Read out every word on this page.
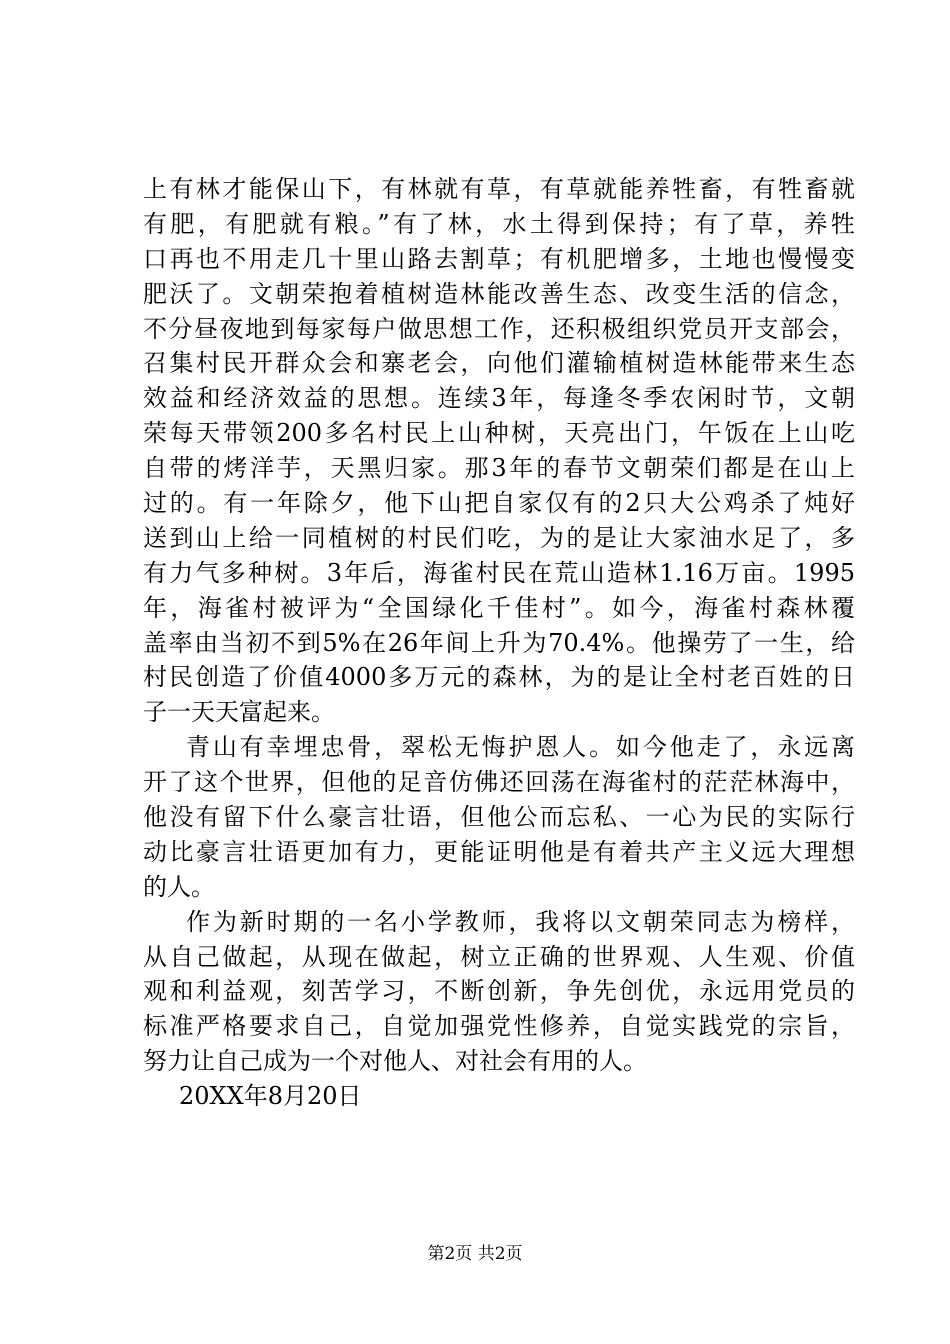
上有林才能保山下，有林就有草，有草就能养牲畜，有牲畜就
有肥，有肥就有粮。”有了林，水土得到保持；有了草，养牲
口再也不用走几十里山路去割草；有机肥增多，土地也慢慢变
肥沃了。文朝荣抱着植树造林能改善生态、改变生活的信念，
不分昼夜地到每家每户做思想工作，还积极组织党员开支部会，
召集村民开群众会和寨老会，向他们灌输植树造林能带来生态
效益和经济效益的思想。连续3年，每逢冬季农闲时节，文朝
荣每天带领200多名村民上山种树，天亮出门，午饭在上山吃
自带的烤洋芋，天黑归家。那3年的春节文朝荣们都是在山上
过的。有一年除夕，他下山把自家仅有的2只大公鸡杀了炖好
送到山上给一同植树的村民们吃，为的是让大家油水足了，多
有力气多种树。3年后，海雀村民在荒山造林1.16万亩。1995
年，海雀村被评为“全国绿化千佳村”。如今，海雀村森林覆
盖率由当初不到5%在26年间上升为70.4%。他操劳了一生，给
村民创造了价值4000多万元的森林，为的是让全村老百姓的日
子一天天富起来。
青山有幸埋忠骨，翠松无悔护恩人。如今他走了，永远离
开了这个世界，但他的足音仿佛还回荡在海雀村的茫茫林海中，
他没有留下什么豪言壮语，但他公而忘私、一心为民的实际行
动比豪言壮语更加有力，更能证明他是有着共产主义远大理想
的人。
作为新时期的一名小学教师，我将以文朝荣同志为榜样，
从自己做起，从现在做起，树立正确的世界观、人生观、价值
观和利益观，刻苦学习，不断创新，争先创优，永远用党员的
标准严格要求自己，自觉加强党性修养，自觉实践党的宗旨，
努力让自己成为一个对他人、对社会有用的人。
20XX年8月20日
第2页 共2页
